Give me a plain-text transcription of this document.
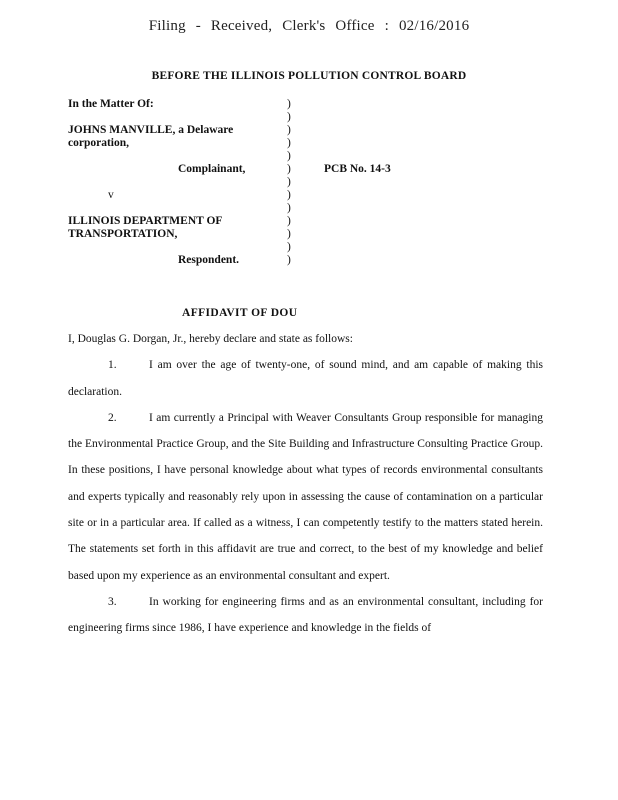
Filing - Received, Clerk's Office : 02/16/2016
BEFORE THE ILLINOIS POLLUTION CONTROL BOARD
In the Matter Of:	)
)
JOHNS MANVILLE, a Delaware	)
corporation,	)
)
Complainant,	)	PCB No. 14-3
)
v	)
)
ILLINOIS DEPARTMENT OF	)
TRANSPORTATION,	)
)
Respondent.	)
AFFIDAVIT OF DOU

I, Douglas G. Dorgan, Jr., hereby declare and state as follows:

1.	I am over the age of twenty-one, of sound mind, and am capable of making this declaration.

2.	I am currently a Principal with Weaver Consultants Group responsible for managing the Environmental Practice Group, and the Site Building and Infrastructure Consulting Practice Group. In these positions, I have personal knowledge about what types of records environmental consultants and experts typically and reasonably rely upon in assessing the cause of contamination on a particular site or in a particular area. If called as a witness, I can competently testify to the matters stated herein. The statements set forth in this affidavit are true and correct, to the best of my knowledge and belief based upon my experience as an environmental consultant and expert.

3.	In working for engineering firms and as an environmental consultant, including for engineering firms since 1986, I have experience and knowledge in the fields of
